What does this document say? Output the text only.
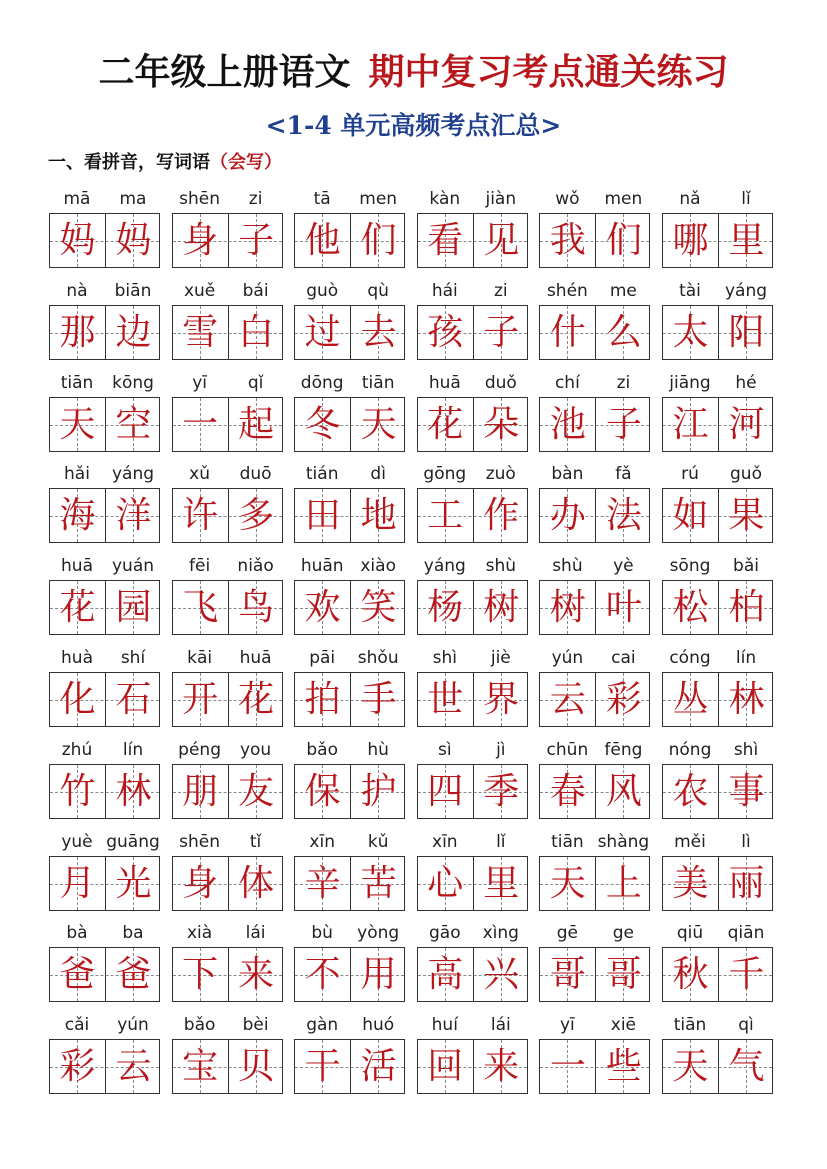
二年级上册语文 期中复习考点通关练习
<1-4 单元高频考点汇总>
一、看拼音，写词语（会写）
mā	ma
妈 妈
shēn	zi
身 子
tā	men
他 们
kàn	jiàn
看 见
wǒ	men
我 们
nǎ	lǐ
哪 里
nà	biān
那 边
xuě	bái
雪 白
guò	qù
过 去
hái	zi
孩 子
shén	me
什 么
tài	yáng
太 阳
tiān	kōng
天 空
yī	qǐ
一 起
dōng	tiān
冬 天
huā	duǒ
花 朵
chí	zi
池 子
jiāng	hé
江 河
hǎi	yáng
海 洋
xǔ	duō
许 多
tián	dì
田 地
gōng	zuò
工 作
bàn	fǎ
办 法
rú	guǒ
如 果
huā	yuán
花 园
fēi	niǎo
飞 鸟
huān xiào
欢 笑
yáng	shù
杨 树
shù	yè
树 叶
sōng	bǎi
松 柏
huà	shí
化 石
kāi	huā
开 花
pāi	shǒu
拍 手
shì	jiè
世 界
yún	cai
云 彩
cóng	lín
丛 林
zhú	lín
竹 林
péng	you
朋 友
bǎo	hù
保 护
sì	jì
四 季
chūn fēng
春 风
nóng	shì
农 事
yuè guāng
月 光
shēn	tǐ
身 体
xīn	kǔ
辛 苦
xīn	lǐ
心 里
tiān shàng
天 上
měi	lì
美 丽
bà	ba
爸 爸
xià	lái
下 来
bù	yòng
不 用
gāo	xìng
高 兴
gē	ge
哥 哥
qiū	qiān
秋 千
cǎi	yún
彩 云
bǎo	bèi
宝 贝
gàn	huó
干 活
huí	lái
回 来
yī	xiē
一 些
tiān	qì
天 气
